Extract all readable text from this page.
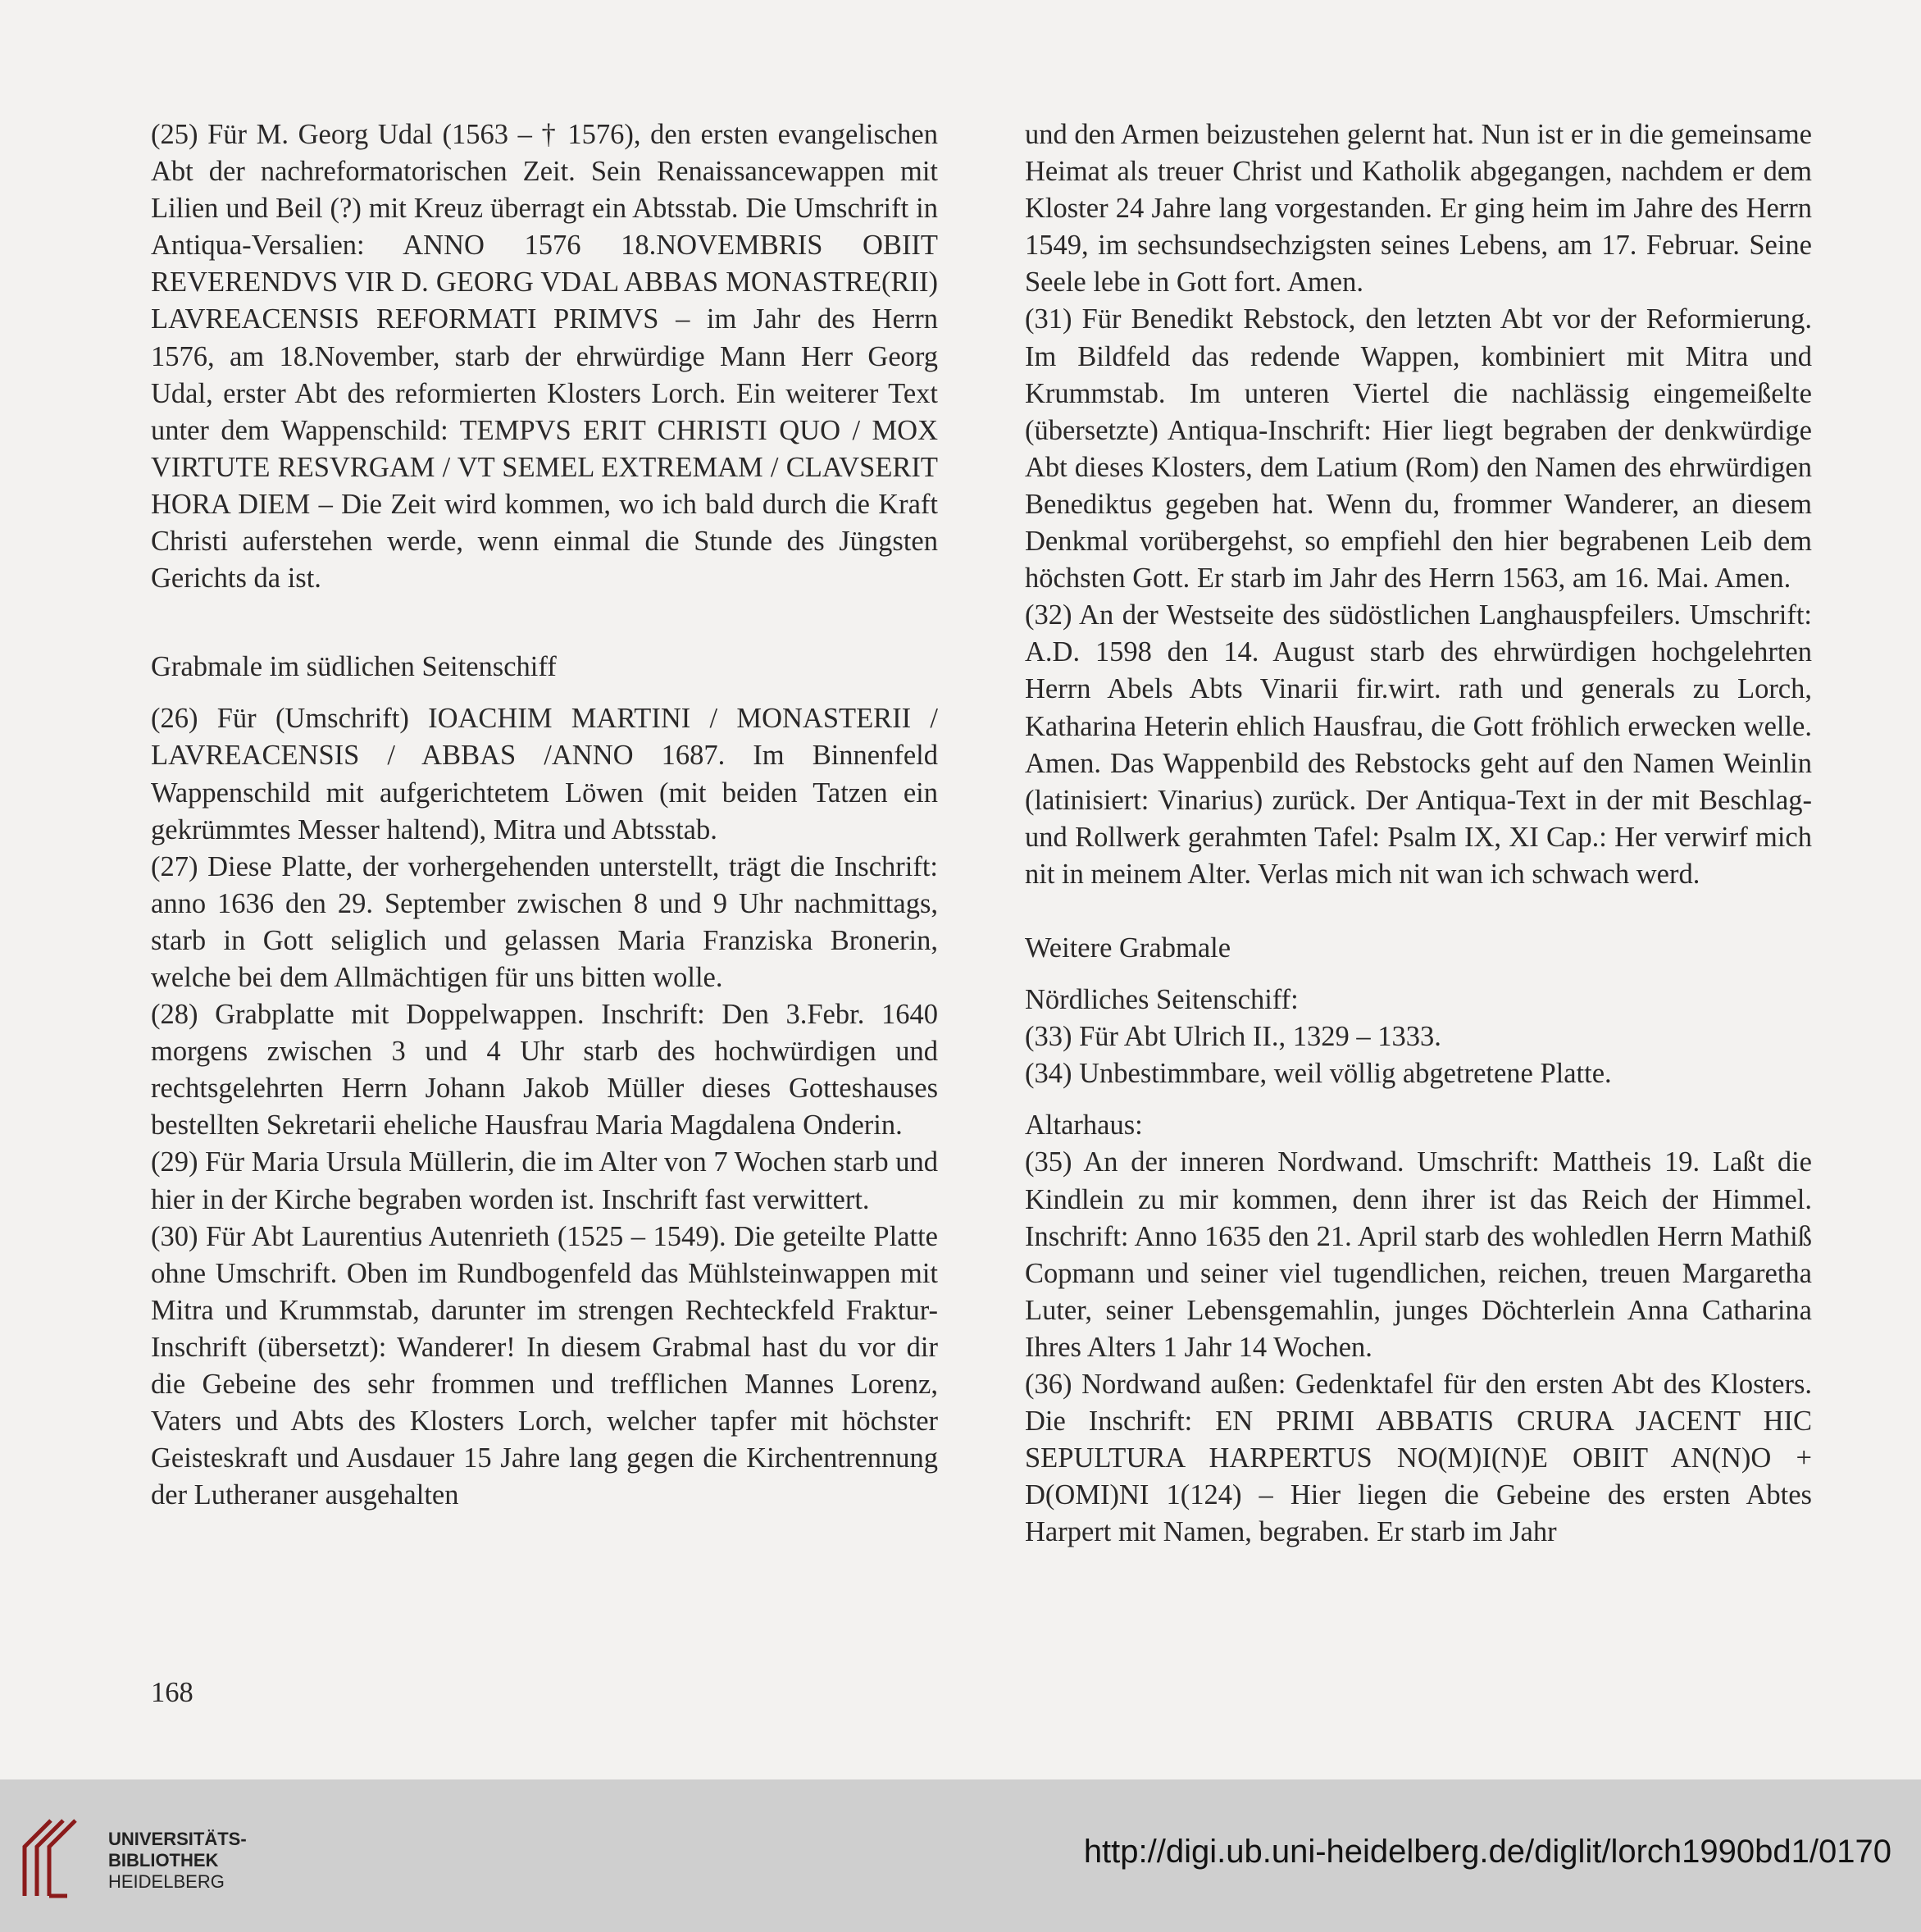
(25) Für M. Georg Udal (1563 – † 1576), den ersten evangelischen Abt der nachreformatorischen Zeit. Sein Renaissancewappen mit Lilien und Beil (?) mit Kreuz überragt ein Abtsstab. Die Umschrift in Antiqua-Versalien: ANNO 1576 18.NOVEMBRIS OBIIT REVERENDVS VIR D. GEORG VDAL ABBAS MONASTRE(RII) LAVREACENSIS REFORMATI PRIMVS – im Jahr des Herrn 1576, am 18.November, starb der ehrwürdige Mann Herr Georg Udal, erster Abt des reformierten Klosters Lorch. Ein weiterer Text unter dem Wappenschild: TEMPVS ERIT CHRISTI QUO / MOX VIRTUTE RESVRGAM / VT SEMEL EXTREMAM / CLAVSERIT HORA DIEM – Die Zeit wird kommen, wo ich bald durch die Kraft Christi auferstehen werde, wenn einmal die Stunde des Jüngsten Gerichts da ist.

Grabmale im südlichen Seitenschiff

(26) Für (Umschrift) IOACHIM MARTINI / MONASTERII / LAVREACENSIS / ABBAS /ANNO 1687. Im Binnenfeld Wappenschild mit aufgerichtetem Löwen (mit beiden Tatzen ein gekrümmtes Messer haltend), Mitra und Abtsstab.

(27) Diese Platte, der vorhergehenden unterstellt, trägt die Inschrift: anno 1636 den 29. September zwischen 8 und 9 Uhr nachmittags, starb in Gott seliglich und gelassen Maria Franziska Bronerin, welche bei dem Allmächtigen für uns bitten wolle.

(28) Grabplatte mit Doppelwappen. Inschrift: Den 3.Febr. 1640 morgens zwischen 3 und 4 Uhr starb des hochwürdigen und rechtsgelehrten Herrn Johann Jakob Müller dieses Gotteshauses bestellten Sekretarii eheliche Hausfrau Maria Magdalena Onderin.

(29) Für Maria Ursula Müllerin, die im Alter von 7 Wochen starb und hier in der Kirche begraben worden ist. Inschrift fast verwittert.

(30) Für Abt Laurentius Autenrieth (1525 – 1549). Die geteilte Platte ohne Umschrift. Oben im Rundbogenfeld das Mühlsteinwappen mit Mitra und Krummstab, darunter im strengen Rechteckfeld Fraktur-Inschrift (übersetzt): Wanderer! In diesem Grabmal hast du vor dir die Gebeine des sehr frommen und trefflichen Mannes Lorenz, Vaters und Abts des Klosters Lorch, welcher tapfer mit höchster Geisteskraft und Ausdauer 15 Jahre lang gegen die Kirchentrennung der Lutheraner ausgehalten

und den Armen beizustehen gelernt hat. Nun ist er in die gemeinsame Heimat als treuer Christ und Katholik abgegangen, nachdem er dem Kloster 24 Jahre lang vorgestanden. Er ging heim im Jahre des Herrn 1549, im sechsundsechzigsten seines Lebens, am 17. Februar. Seine Seele lebe in Gott fort. Amen.

(31) Für Benedikt Rebstock, den letzten Abt vor der Reformierung. Im Bildfeld das redende Wappen, kombiniert mit Mitra und Krummstab. Im unteren Viertel die nachlässig eingemeißelte (übersetzte) Antiqua-Inschrift: Hier liegt begraben der denkwürdige Abt dieses Klosters, dem Latium (Rom) den Namen des ehrwürdigen Benediktus gegeben hat. Wenn du, frommer Wanderer, an diesem Denkmal vorübergehst, so empfiehl den hier begrabenen Leib dem höchsten Gott. Er starb im Jahr des Herrn 1563, am 16. Mai. Amen.

(32) An der Westseite des südöstlichen Langhauspfeilers. Umschrift: A.D. 1598 den 14. August starb des ehrwürdigen hochgelehrten Herrn Abels Abts Vinarii fir.wirt. rath und generals zu Lorch, Katharina Heterin ehlich Hausfrau, die Gott fröhlich erwecken welle. Amen. Das Wappenbild des Rebstocks geht auf den Namen Weinlin (latinisiert: Vinarius) zurück. Der Antiqua-Text in der mit Beschlag- und Rollwerk gerahmten Tafel: Psalm IX, XI Cap.: Her verwirf mich nit in meinem Alter. Verlas mich nit wan ich schwach werd.

Weitere Grabmale

Nördliches Seitenschiff:

(33) Für Abt Ulrich II., 1329 – 1333.

(34) Unbestimmbare, weil völlig abgetretene Platte.

Altarhaus:

(35) An der inneren Nordwand. Umschrift: Mattheis 19. Laßt die Kindlein zu mir kommen, denn ihrer ist das Reich der Himmel. Inschrift: Anno 1635 den 21. April starb des wohledlen Herrn Mathiß Copmann und seiner viel tugendlichen, reichen, treuen Margaretha Luter, seiner Lebensgemahlin, junges Döchterlein Anna Catharina Ihres Alters 1 Jahr 14 Wochen.

(36) Nordwand außen: Gedenktafel für den ersten Abt des Klosters. Die Inschrift: EN PRIMI ABBATIS CRURA JACENT HIC SEPULTURA HARPERTUS NO(M)I(N)E OBIIT AN(N)O + D(OMI)NI 1(124) – Hier liegen die Gebeine des ersten Abtes Harpert mit Namen, begraben. Er starb im Jahr

168
UNIVERSITÄTS-
BIBLIOTHEK
HEIDELBERG
http://digi.ub.uni-heidelberg.de/diglit/lorch1990bd1/0170
